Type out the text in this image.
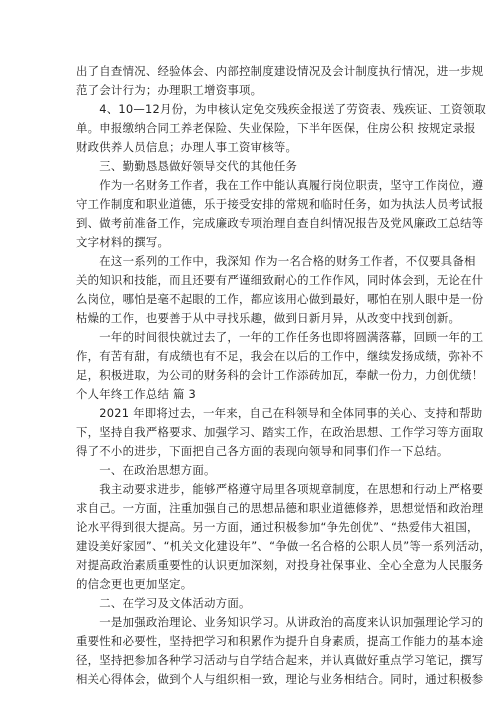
出了自查情况、经验体会、内部控制度建设情况及会计制度执行情况，进一步规
范了会计行为；办理职工增资事项。
　　4、10—12月份，为申核认定免交残疾金报送了劳资表、残疾证、工资领取
单。申报缴纳合同工养老保险、失业保险，下半年医保，住房公积 按规定录报
财政供养人员信息；办理人事工资审核等。
　　三、勤勤恳恳做好领导交代的其他任务
　　作为一名财务工作者，我在工作中能认真履行岗位职责，坚守工作岗位，遵
守工作制度和职业道德，乐于接受安排的常规和临时任务，如为执法人员考试报
到、做考前准备工作，完成廉政专项治理自查自纠情况报告及党风廉政工总结等
文字材料的撰写。
　　在这一系列的工作中，我深知 作为一名合格的财务工作者，不仅要具备相
关的知识和技能，而且还要有严谨细致耐心的工作作风，同时体会到，无论在什
么岗位，哪怕是毫不起眼的工作，都应该用心做到最好，哪怕在别人眼中是一份
枯燥的工作，也要善于从中寻找乐趣，做到日新月异，从改变中找到创新。
　　一年的时间很快就过去了，一年的工作任务也即将圆满落幕，回顾一年的工
作，有苦有甜，有成绩也有不足，我会在以后的工作中，继续发扬成绩，弥补不
足，积极进取，为公司的财务科的会计工作添砖加瓦，奉献一份力，力创优绩！
个人年终工作总结 篇 3
　　2021 年即将过去，一年来，自己在科领导和全体同事的关心、支持和帮助
下，坚持自我严格要求、加强学习、踏实工作，在政治思想、工作学习等方面取
得了不小的进步，下面把自己各方面的表现向领导和同事们作一下总结。
　　一、在政治思想方面。
　　我主动要求进步，能够严格遵守局里各项规章制度，在思想和行动上严格要
求自己。一方面，注重加强自己的思想品德和职业道德修养，思想觉悟和政治理
论水平得到很大提高。另一方面，通过积极参加“争先创优”、“热爱伟大祖国，
建设美好家园”、“机关文化建设年”、“争做一名合格的公职人员”等一系列活动，
对提高政治素质重要性的认识更加深刻，对投身社保事业、全心全意为人民服务
的信念更也更加坚定。
　　二、在学习及文体活动方面。
　　一是加强政治理论、业务知识学习。从讲政治的高度来认识加强理论学习的
重要性和必要性，坚持把学习和积累作为提升自身素质，提高工作能力的基本途
径，坚持把参加各种学习活动与自学结合起来，并认真做好重点学习笔记，撰写
相关心得体会，做到个人与组织相一致，理论与业务相结合。同时，通过积极参
